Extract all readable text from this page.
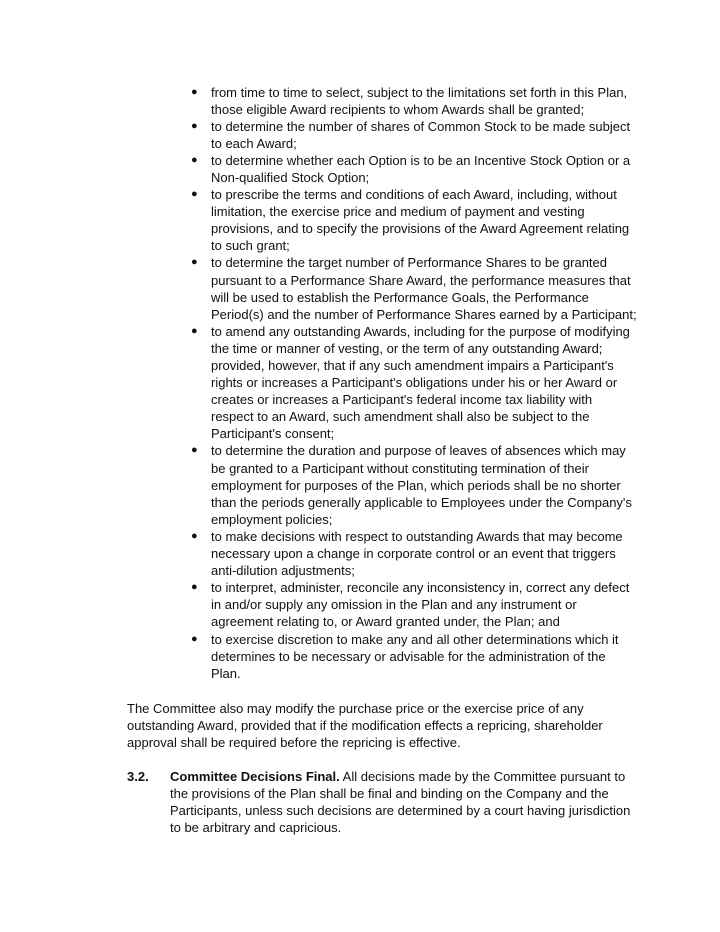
● from time to time to select, subject to the limitations set forth in this Plan,
those eligible Award recipients to whom Awards shall be granted;
● to determine the number of shares of Common Stock to be made subject
to each Award;
● to determine whether each Option is to be an Incentive Stock Option or a
Non-qualified Stock Option;
● to prescribe the terms and conditions of each Award, including, without
limitation, the exercise price and medium of payment and vesting
provisions, and to specify the provisions of the Award Agreement relating
to such grant;
● to determine the target number of Performance Shares to be granted
pursuant to a Performance Share Award, the performance measures that
will be used to establish the Performance Goals, the Performance
Period(s) and the number of Performance Shares earned by a Participant;
● to amend any outstanding Awards, including for the purpose of modifying
the time or manner of vesting, or the term of any outstanding Award;
provided, however, that if any such amendment impairs a Participant's
rights or increases a Participant's obligations under his or her Award or
creates or increases a Participant's federal income tax liability with
respect to an Award, such amendment shall also be subject to the
Participant's consent;
● to determine the duration and purpose of leaves of absences which may
be granted to a Participant without constituting termination of their
employment for purposes of the Plan, which periods shall be no shorter
than the periods generally applicable to Employees under the Company's
employment policies;
● to make decisions with respect to outstanding Awards that may become
necessary upon a change in corporate control or an event that triggers
anti-dilution adjustments;
● to interpret, administer, reconcile any inconsistency in, correct any defect
in and/or supply any omission in the Plan and any instrument or
agreement relating to, or Award granted under, the Plan; and
● to exercise discretion to make any and all other determinations which it
determines to be necessary or advisable for the administration of the
Plan.
The Committee also may modify the purchase price or the exercise price of any
outstanding Award, provided that if the modification effects a repricing, shareholder
approval shall be required before the repricing is effective.
3.2. Committee Decisions Final. All decisions made by the Committee pursuant to
the provisions of the Plan shall be final and binding on the Company and the
Participants, unless such decisions are determined by a court having jurisdiction
to be arbitrary and capricious.
